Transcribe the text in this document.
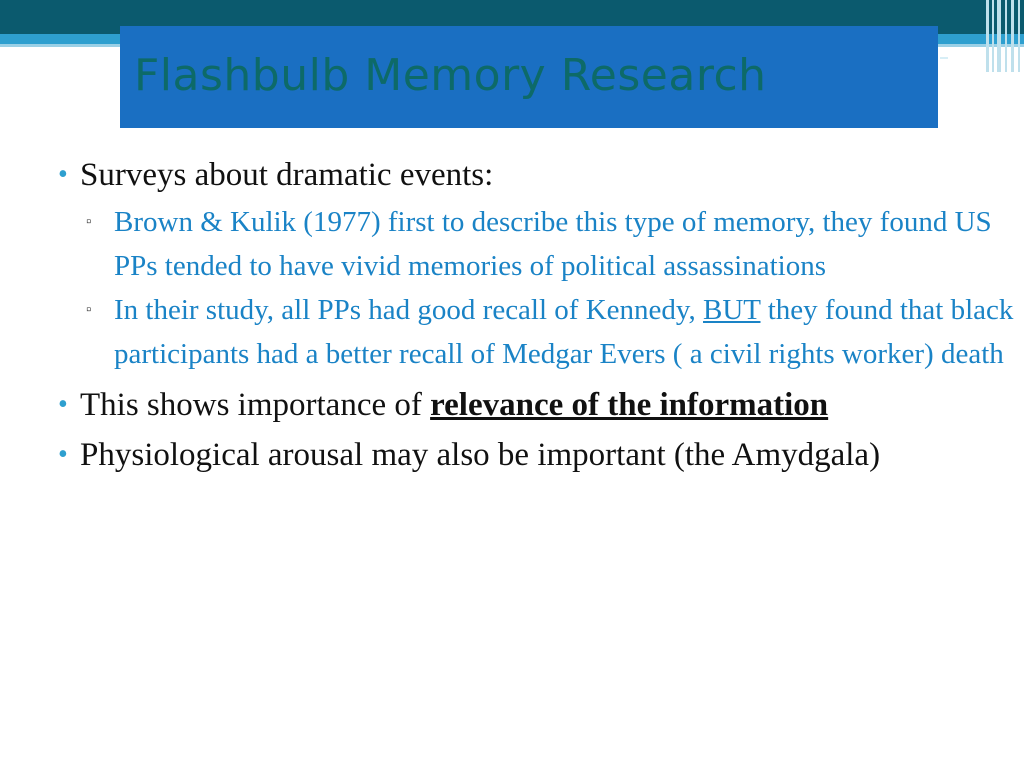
Flashbulb Memory Research
• Surveys about dramatic events:
▫ Brown & Kulik (1977) first to describe this type of memory, they found US PPs tended to have vivid memories of political assassinations
▫ In their study, all PPs had good recall of Kennedy, BUT they found that black participants had a better recall of Medgar Evers ( a civil rights worker) death
• This shows importance of relevance of the information
• Physiological arousal may also be important (the Amydgala)
